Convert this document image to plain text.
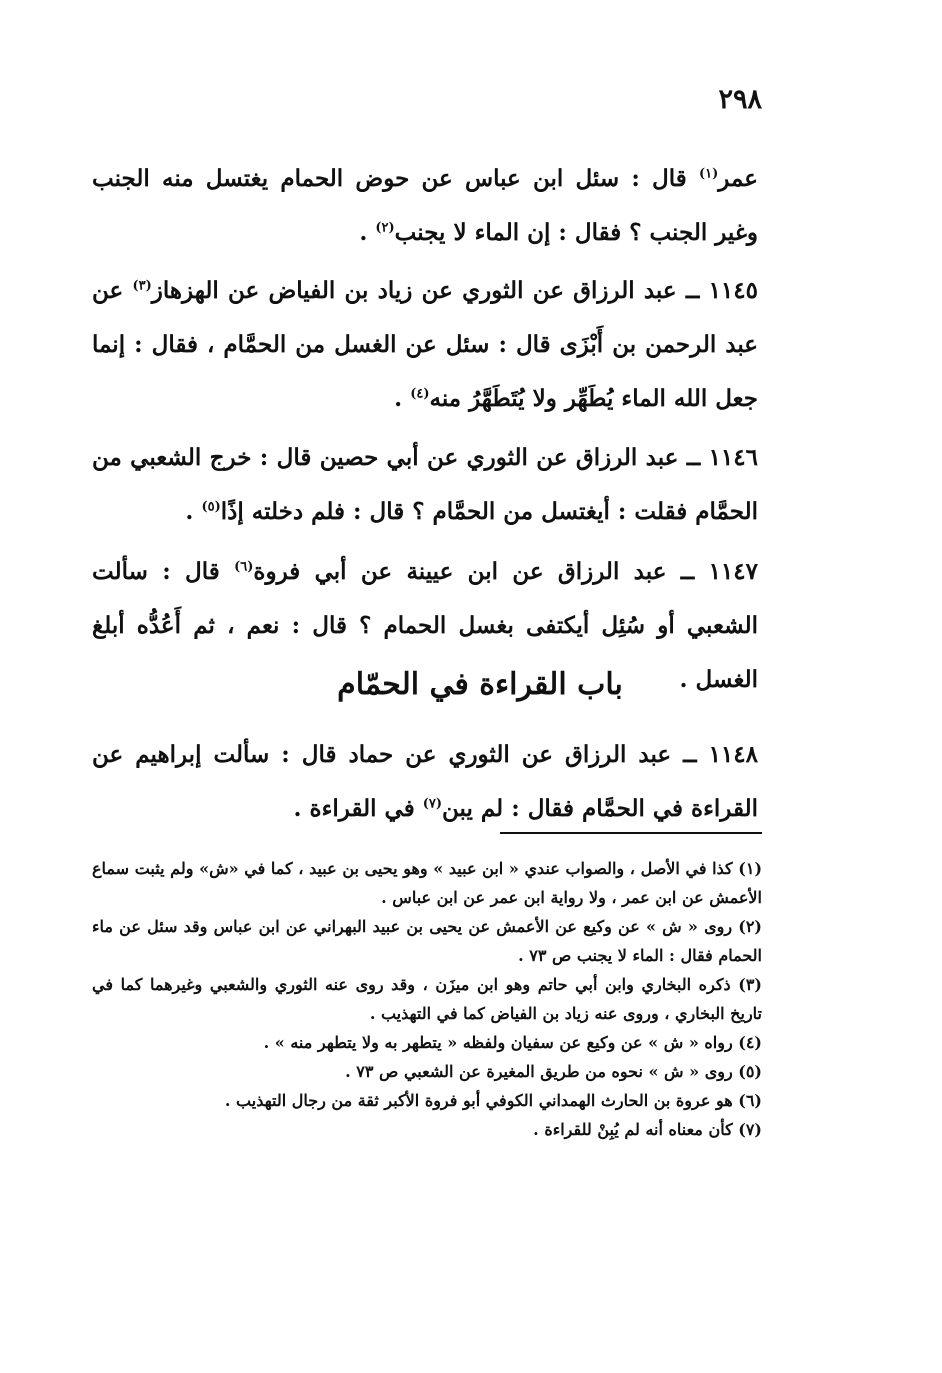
٢٩٨
عمر$^{(١)}$ قال : سئل ابن عباس عن حوض الحمام يغتسل منه الجنب وغير الجنب ؟ فقال : إن الماء لا يجنب$^{(٢)}$ .
١١٤٥ ــ عبد الرزاق عن الثوري عن زياد بن الفياض عن الهزهاز$^{(٣)}$ عن عبد الرحمن بن أَبْزَى قال : سئل عن الغسل من الحمَّام ، فقال : إنما جعل الله الماء يُطَهِّر ولا يُتَطَهَّرُ منه$^{(٤)}$ .
١١٤٦ ــ عبد الرزاق عن الثوري عن أبي حصين قال : خرج الشعبي من الحمَّام فقلت : أيغتسل من الحمَّام ؟ قال : فلم دخلته إذًا$^{(٥)}$ .
١١٤٧ ــ عبد الرزاق عن ابن عيينة عن أبي فروة$^{(٦)}$ قال : سألت الشعبي أو سُئِل أيكتفى بغسل الحمام ؟ قال : نعم ، ثم أَعُدُّه أبلغ الغسل .
باب القراءة في الحمّام
١١٤٨ ــ عبد الرزاق عن الثوري عن حماد قال : سألت إبراهيم عن القراءة في الحمَّام فقال : لم يبن$^{(٧)}$ في القراءة .

(١) كذا في الأصل ، والصواب عندي « ابن عبيد » وهو يحيى بن عبيد ، كما في «ش» ولم يثبت سماع الأعمش عن ابن عمر ، ولا رواية ابن عمر عن ابن عباس .

(٢) روى « ش » عن وكيع عن الأعمش عن يحيى بن عبيد البهراني عن ابن عباس وقد سئل عن ماء الحمام فقال : الماء لا يجنب ص ٧٣ .

(٣) ذكره البخاري وابن أبي حاتم وهو ابن ميزَن ، وقد روى عنه الثوري والشعبي وغيرهما كما في تاريخ البخاري ، وروى عنه زياد بن الفياض كما في التهذيب .

(٤) رواه « ش » عن وكيع عن سفيان ولفظه « يتطهر به ولا يتطهر منه » .

(٥) روى « ش » نحوه من طريق المغيرة عن الشعبي ص ٧٣ .

(٦) هو عروة بن الحارث الهمداني الكوفي أبو فروة الأكبر ثقة من رجال التهذيب .

(٧) كأن معناه أنه لم يُبِنْ للقراءة .
